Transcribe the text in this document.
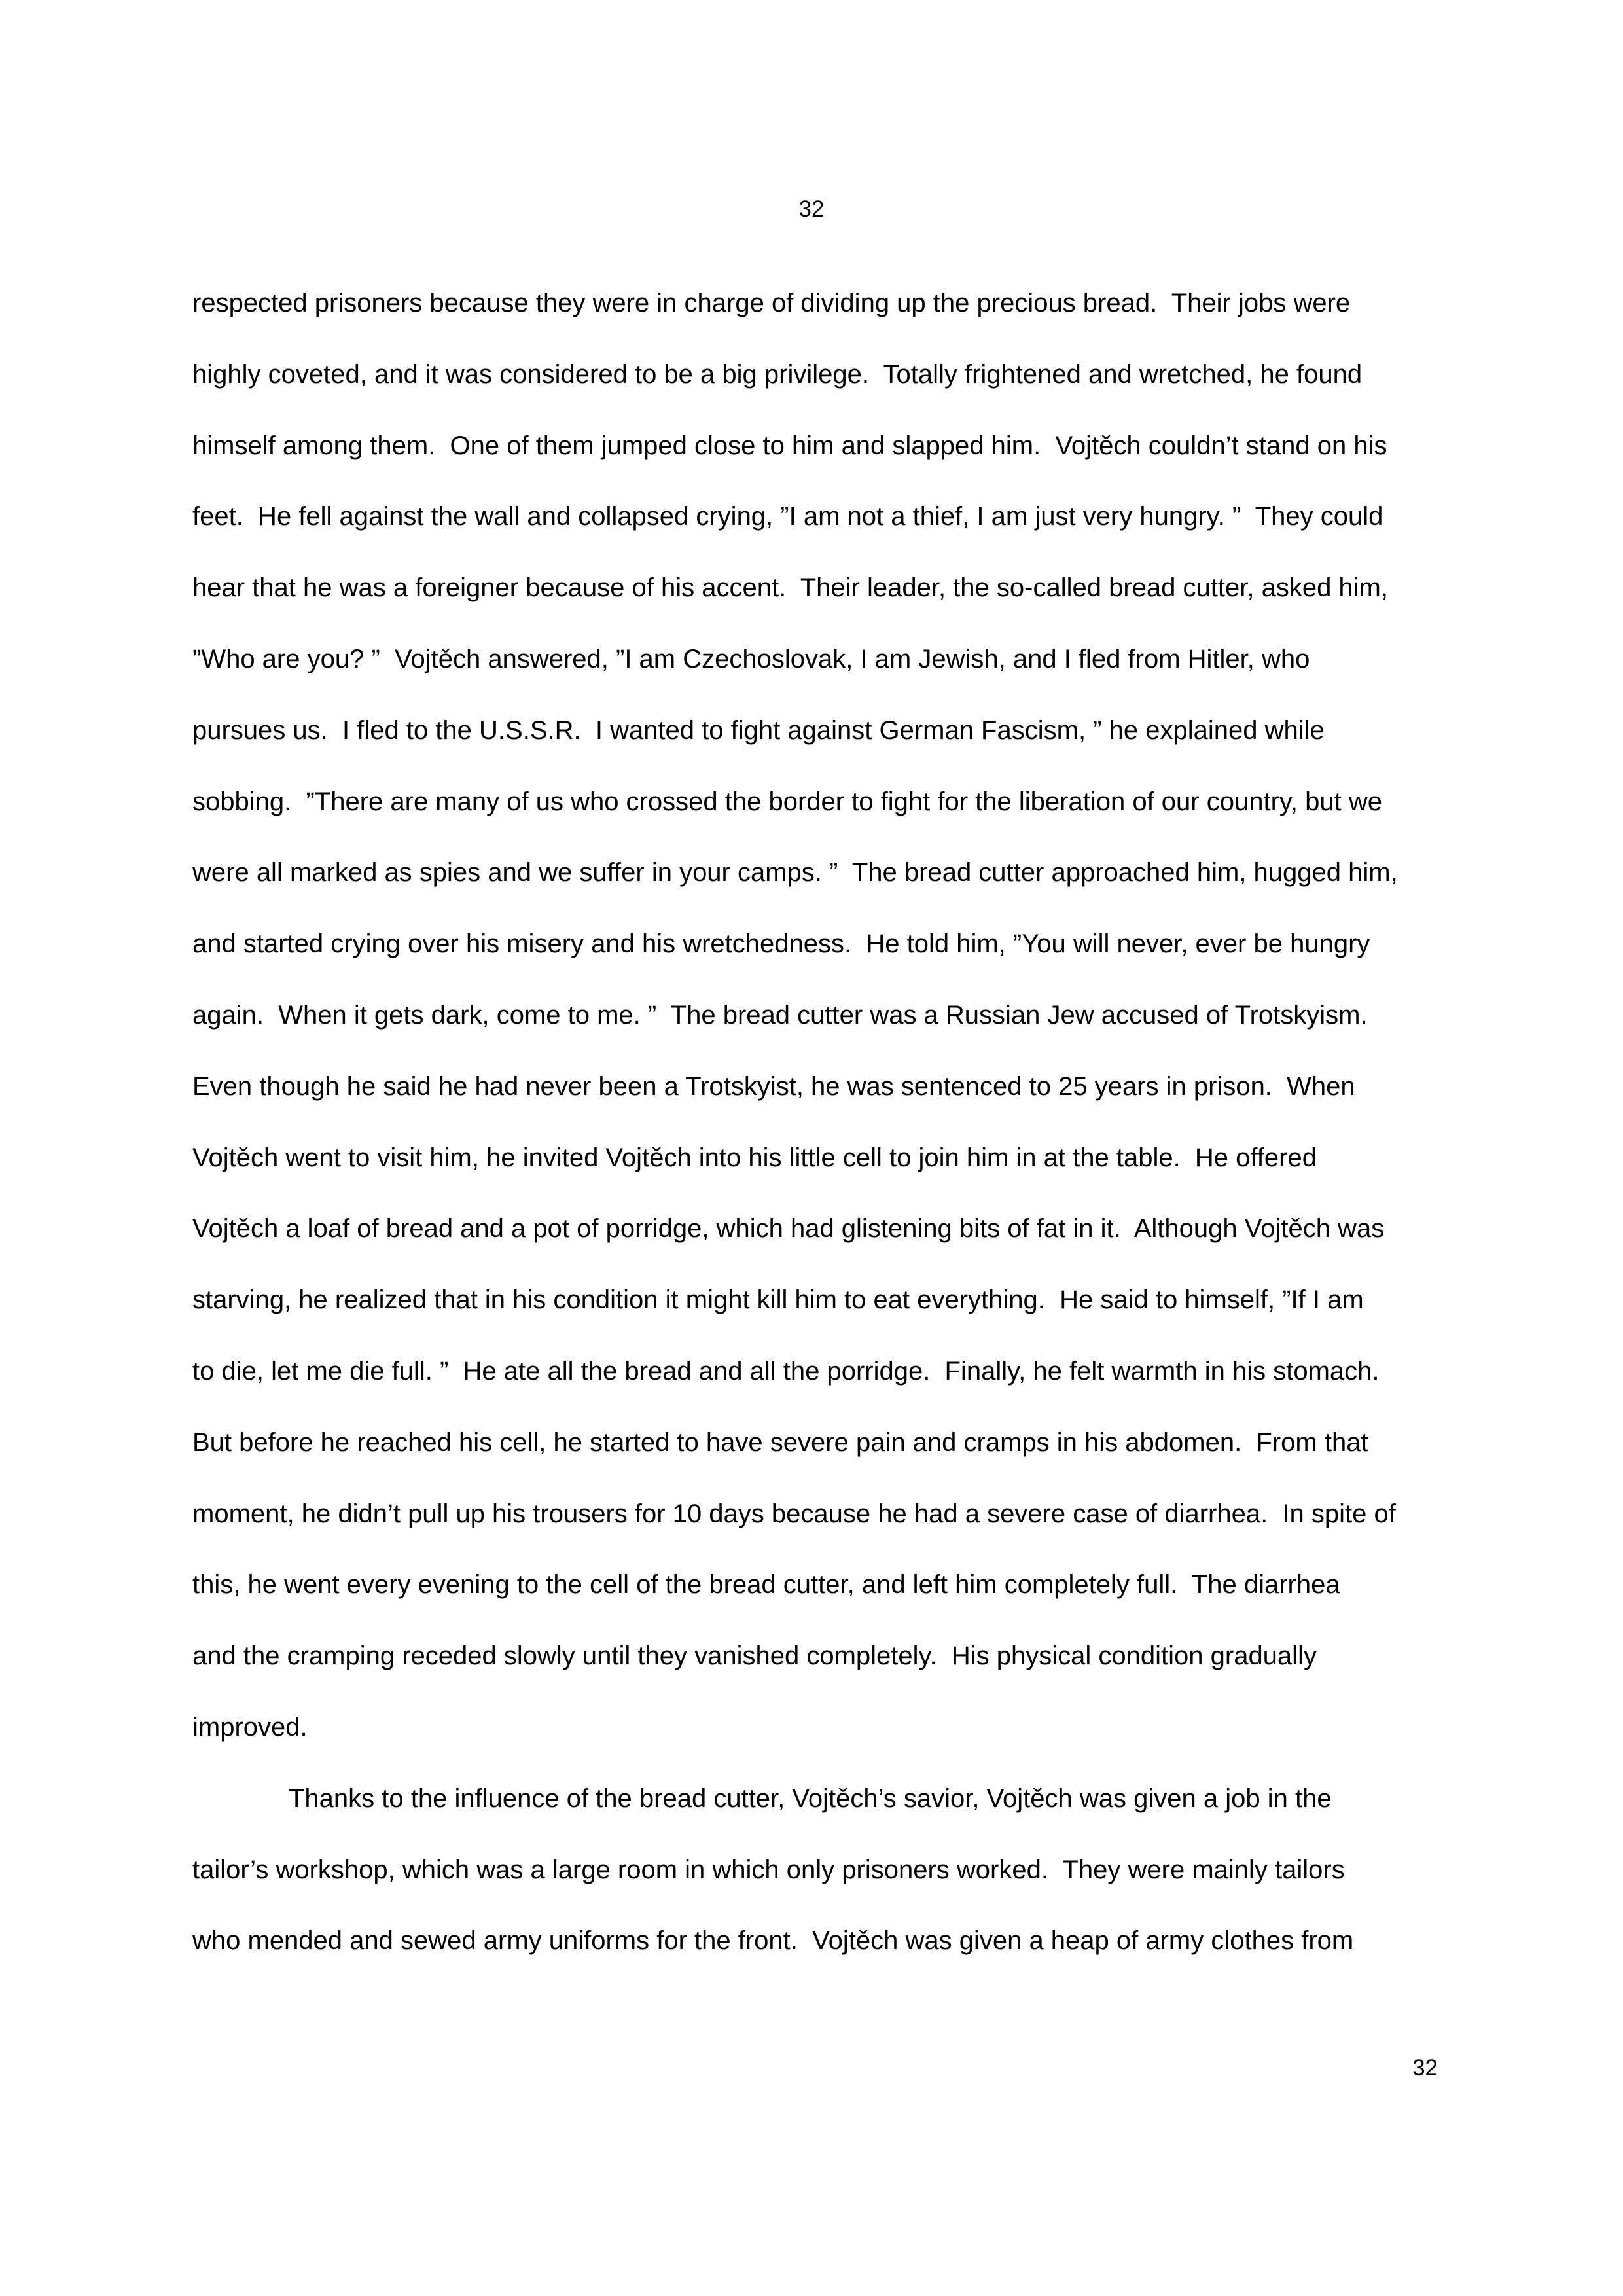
32
respected prisoners because they were in charge of dividing up the precious bread.  Their jobs were
highly coveted, and it was considered to be a big privilege.  Totally frightened and wretched, he found
himself among them.  One of them jumped close to him and slapped him.  Vojtěch couldn’t stand on his
feet.  He fell against the wall and collapsed crying, ”I am not a thief, I am just very hungry. ”  They could
hear that he was a foreigner because of his accent.  Their leader, the so-called bread cutter, asked him,
”Who are you? ”  Vojtěch answered, ”I am Czechoslovak, I am Jewish, and I fled from Hitler, who
pursues us.  I fled to the U.S.S.R.  I wanted to fight against German Fascism, ” he explained while
sobbing.  ”There are many of us who crossed the border to fight for the liberation of our country, but we
were all marked as spies and we suffer in your camps. ”  The bread cutter approached him, hugged him,
and started crying over his misery and his wretchedness.  He told him, ”You will never, ever be hungry
again.  When it gets dark, come to me. ”  The bread cutter was a Russian Jew accused of Trotskyism.
Even though he said he had never been a Trotskyist, he was sentenced to 25 years in prison.  When
Vojtěch went to visit him, he invited Vojtěch into his little cell to join him in at the table.  He offered
Vojtěch a loaf of bread and a pot of porridge, which had glistening bits of fat in it.  Although Vojtěch was
starving, he realized that in his condition it might kill him to eat everything.  He said to himself, ”If I am
to die, let me die full. ”  He ate all the bread and all the porridge.  Finally, he felt warmth in his stomach.
But before he reached his cell, he started to have severe pain and cramps in his abdomen.  From that
moment, he didn’t pull up his trousers for 10 days because he had a severe case of diarrhea.  In spite of
this, he went every evening to the cell of the bread cutter, and left him completely full.  The diarrhea
and the cramping receded slowly until they vanished completely.  His physical condition gradually
improved.
Thanks to the influence of the bread cutter, Vojtěch’s savior, Vojtěch was given a job in the
tailor’s workshop, which was a large room in which only prisoners worked.  They were mainly tailors
who mended and sewed army uniforms for the front.  Vojtěch was given a heap of army clothes from
32
